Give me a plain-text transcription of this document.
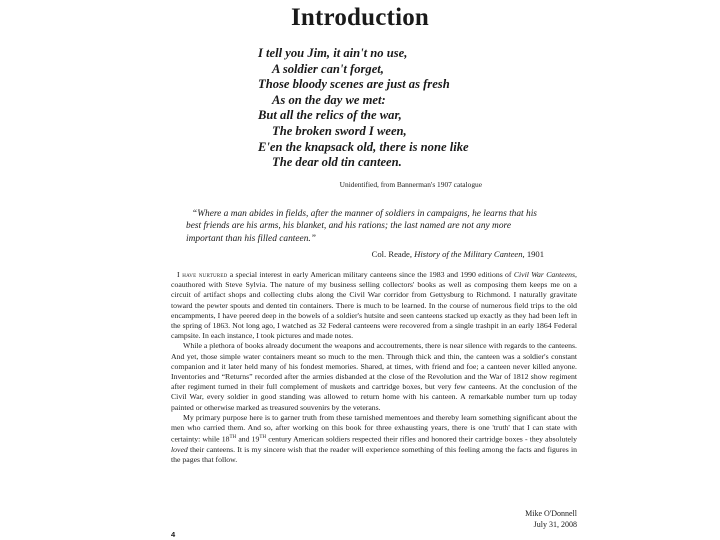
Introduction
I tell you Jim, it ain't no use,
A soldier can't forget,
Those bloody scenes are just as fresh
As on the day we met:
But all the relics of the war,
The broken sword I ween,
E'en the knapsack old, there is none like
The dear old tin canteen.
Unidentified, from Bannerman's 1907 catalogue
“Where a man abides in fields, after the manner of soldiers in campaigns, he learns that his best friends are his arms, his blanket, and his rations; the last named are not any more important than his filled canteen.”
Col. Reade, History of the Military Canteen, 1901

I have nurtured a special interest in early American military canteens since the 1983 and 1990 editions of Civil War Canteens, coauthored with Steve Sylvia. The nature of my business selling collectors' books as well as composing them keeps me on a circuit of artifact shops and collecting clubs along the Civil War corridor from Gettysburg to Richmond. I naturally gravitate toward the pewter spouts and dented tin containers. There is much to be learned. In the course of numerous field trips to the old encampments, I have peered deep in the bowels of a soldier's hutsite and seen canteens stacked up exactly as they had been left in the spring of 1863. Not long ago, I watched as 32 Federal canteens were recovered from a single trashpit in an early 1864 Federal campsite. In each instance, I took pictures and made notes.

While a plethora of books already document the weapons and accoutrements, there is near silence with regards to the canteens. And yet, those simple water containers meant so much to the men. Through thick and thin, the canteen was a soldier's constant companion and it later held many of his fondest memories. Shared, at times, with friend and foe; a canteen never killed anyone. Inventories and “Returns” recorded after the armies disbanded at the close of the Revolution and the War of 1812 show regiment after regiment turned in their full complement of muskets and cartridge boxes, but very few canteens. At the conclusion of the Civil War, every soldier in good standing was allowed to return home with his canteen. A remarkable number turn up today painted or otherwise marked as treasured souvenirs by the veterans.

My primary purpose here is to garner truth from these tarnished mementoes and thereby learn something significant about the men who carried them. And so, after working on this book for three exhausting years, there is one 'truth' that I can state with certainty: while 18TH and 19TH century American soldiers respected their rifles and honored their cartridge boxes - they absolutely loved their canteens. It is my sincere wish that the reader will experience something of this feeling among the facts and figures in the pages that follow.

Mike O'Donnell
July 31, 2008
4
